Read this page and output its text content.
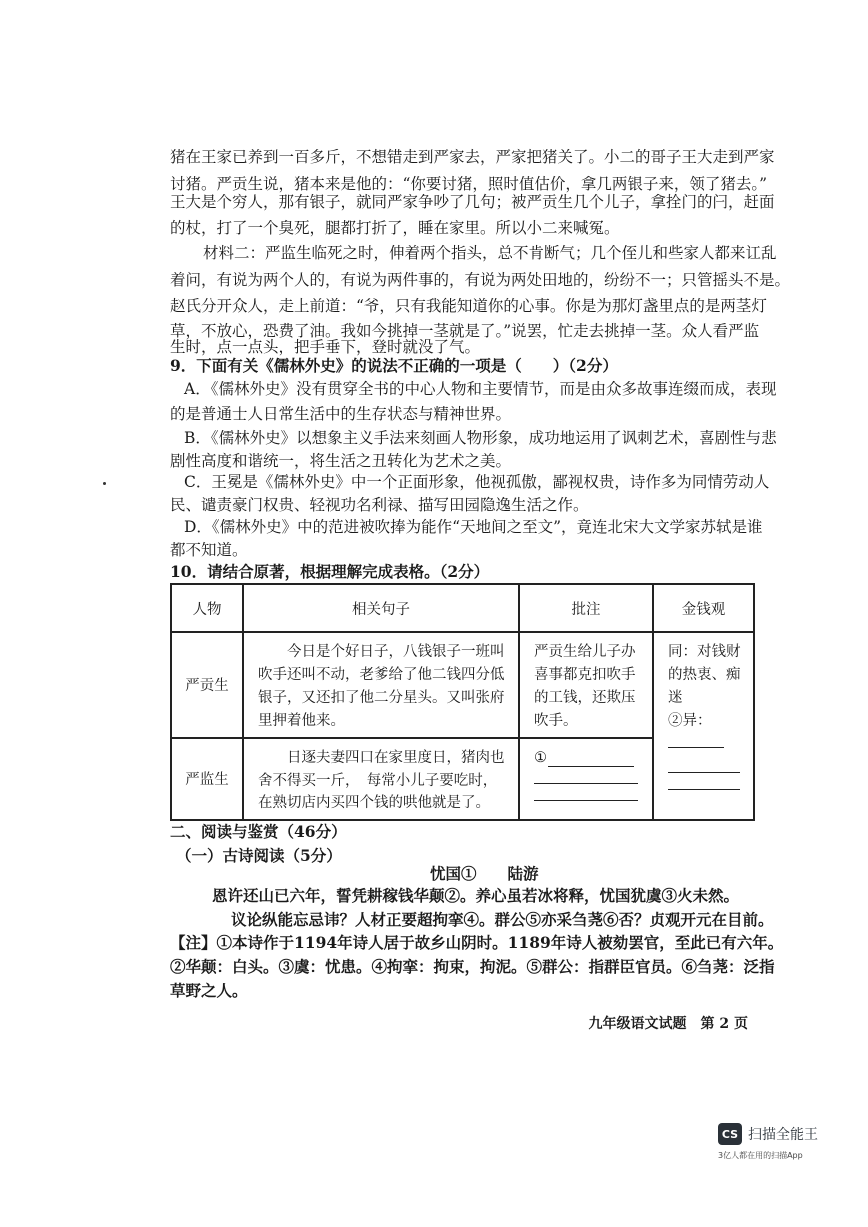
猪在王家已养到一百多斤，不想错走到严家去，严家把猪关了。小二的哥子王大走到严家
讨猪。严贡生说，猪本来是他的：“你要讨猪，照时值估价，拿几两银子来，领了猪去。”
王大是个穷人，那有银子，就同严家争吵了几句；被严贡生几个儿子，拿拴门的闩，赶面
的杖，打了一个臭死，腿都打折了，睡在家里。所以小二来喊冤。
材料二：严监生临死之时，伸着两个指头，总不肯断气；几个侄儿和些家人都来讧乱
着问，有说为两个人的，有说为两件事的，有说为两处田地的，纷纷不一；只管摇头不是。
赵氏分开众人，走上前道：“爷，只有我能知道你的心事。你是为那灯盏里点的是两茎灯
草，不放心，恐费了油。我如今挑掉一茎就是了。”说罢，忙走去挑掉一茎。众人看严监
生时，点一点头，把手垂下，登时就没了气。
9．下面有关《儒林外史》的说法不正确的一项是（　　）（2分）
A．《儒林外史》没有贯穿全书的中心人物和主要情节，而是由众多故事连缀而成，表现
的是普通士人日常生活中的生存状态与精神世界。
B．《儒林外史》以想象主义手法来刻画人物形象，成功地运用了讽刺艺术，喜剧性与悲
剧性高度和谐统一，将生活之丑转化为艺术之美。
C．王冕是《儒林外史》中一个正面形象，他视孤傲，鄙视权贵，诗作多为同情劳动人
民、谴责豪门权贵、轻视功名利禄、描写田园隐逸生活之作。
D．《儒林外史》中的范进被吹捧为能作“天地间之至文”，竟连北宋大文学家苏轼是谁
都不知道。
10．请结合原著，根据理解完成表格。（2分）
人物	相关句子	批注	金钱观
严贡生	今日是个好日子，八钱银子一班叫吹手还叫不动，老爹给了他二钱四分低银子，又还扣了他二分星头。又叫张府里押着他来。	严贡生给儿子办喜事都克扣吹手的工钱，还欺压吹手。	同：对钱财的热衷、痴迷
②异：

严监生	日逐夫妻四口在家里度日，猪肉也舍不得买一斤，　每常小儿子要吃时，在熟切店内买四个钱的哄他就是了。	①	
二、阅读与鉴赏（46分）
（一）古诗阅读（5分）
忧国①　　陆游
恩许还山已六年，誓凭耕稼钱华颠②。养心虽若冰将释，忧国犹虞③火未然。
议论纵能忘忌讳？人材正要超拘挛④。群公⑤亦采刍荛⑥否？贞观开元在目前。
【注】①本诗作于1194年诗人居于故乡山阴时。1189年诗人被劾罢官，至此已有六年。
②华颠：白头。③虞：忧患。④拘挛：拘束，拘泥。⑤群公：指群臣官员。⑥刍荛：泛指
草野之人。
九年级语文试题　第 2 页
CS 扫描全能王
3亿人都在用的扫描App
